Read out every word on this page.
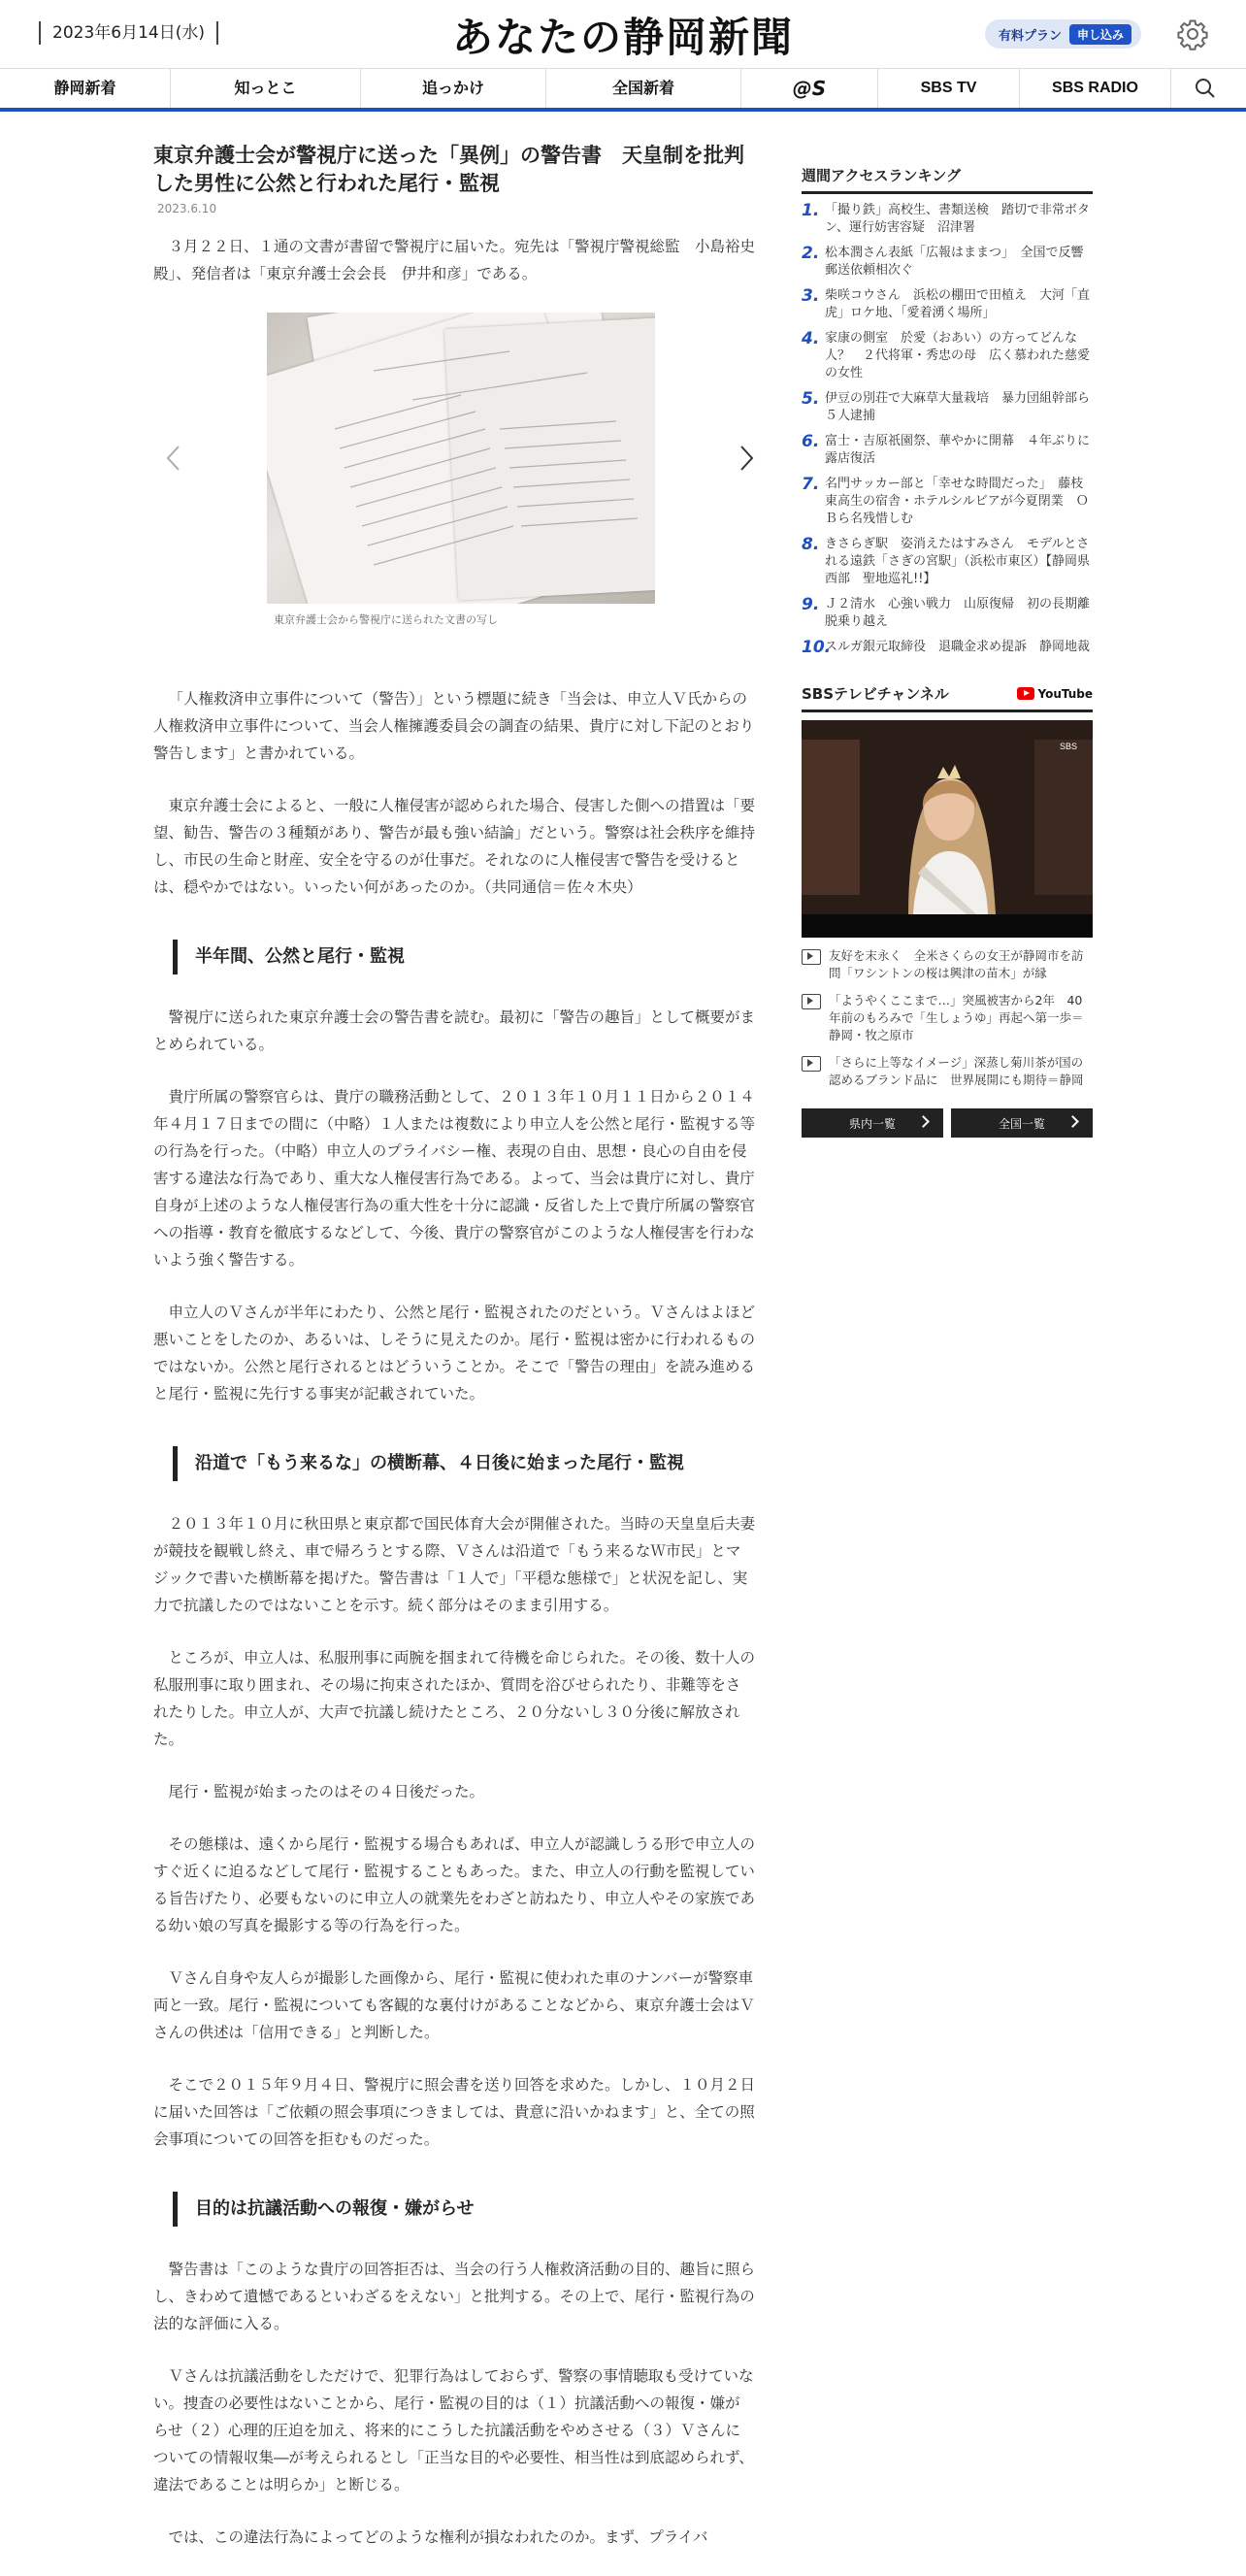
2023年6月14日(水)	あなたの静岡新聞	有料プラン	申し込み
静岡新着	知っとこ	追っかけ	全国新着	@S	SBS TV	SBS RADIO
東京弁護士会が警視庁に送った「異例」の警告書　天皇制を批判した男性に公然と行われた尾行・監視
2023.6.10

３月２２日、１通の文書が書留で警視庁に届いた。宛先は「警視庁警視総監　小島裕史殿」、発信者は「東京弁護士会会長　伊井和彦」である。

東京弁護士会から警視庁に送られた文書の写し

「人権救済申立事件について（警告）」という標題に続き「当会は、申立人Ｖ氏からの人権救済申立事件について、当会人権擁護委員会の調査の結果、貴庁に対し下記のとおり警告します」と書かれている。

東京弁護士会によると、一般に人権侵害が認められた場合、侵害した側への措置は「要望、勧告、警告の３種類があり、警告が最も強い結論」だという。警察は社会秩序を維持し、市民の生命と財産、安全を守るのが仕事だ。それなのに人権侵害で警告を受けるとは、穏やかではない。いったい何があったのか。（共同通信＝佐々木央）

半年間、公然と尾行・監視

警視庁に送られた東京弁護士会の警告書を読む。最初に「警告の趣旨」として概要がまとめられている。

貴庁所属の警察官らは、貴庁の職務活動として、２０１３年１０月１１日から２０１４年４月１７日までの間に（中略）１人または複数により申立人を公然と尾行・監視する等の行為を行った。（中略）申立人のプライバシー権、表現の自由、思想・良心の自由を侵害する違法な行為であり、重大な人権侵害行為である。よって、当会は貴庁に対し、貴庁自身が上述のような人権侵害行為の重大性を十分に認識・反省した上で貴庁所属の警察官への指導・教育を徹底するなどして、今後、貴庁の警察官がこのような人権侵害を行わないよう強く警告する。

申立人のＶさんが半年にわたり、公然と尾行・監視されたのだという。Ｖさんはよほど悪いことをしたのか、あるいは、しそうに見えたのか。尾行・監視は密かに行われるものではないか。公然と尾行されるとはどういうことか。そこで「警告の理由」を読み進めると尾行・監視に先行する事実が記載されていた。

沿道で「もう来るな」の横断幕、４日後に始まった尾行・監視

２０１３年１０月に秋田県と東京都で国民体育大会が開催された。当時の天皇皇后夫妻が競技を観戦し終え、車で帰ろうとする際、Ｖさんは沿道で「もう来るなＷ市民」とマジックで書いた横断幕を掲げた。警告書は「１人で」「平穏な態様で」と状況を記し、実力で抗議したのではないことを示す。続く部分はそのまま引用する。

ところが、申立人は、私服刑事に両腕を掴まれて待機を命じられた。その後、数十人の私服刑事に取り囲まれ、その場に拘束されたほか、質問を浴びせられたり、非難等をされたりした。申立人が、大声で抗議し続けたところ、２０分ないし３０分後に解放された。

尾行・監視が始まったのはその４日後だった。

その態様は、遠くから尾行・監視する場合もあれば、申立人が認識しうる形で申立人のすぐ近くに迫るなどして尾行・監視することもあった。また、申立人の行動を監視している旨告げたり、必要もないのに申立人の就業先をわざと訪ねたり、申立人やその家族である幼い娘の写真を撮影する等の行為を行った。

Ｖさん自身や友人らが撮影した画像から、尾行・監視に使われた車のナンバーが警察車両と一致。尾行・監視についても客観的な裏付けがあることなどから、東京弁護士会はＶさんの供述は「信用できる」と判断した。

そこで２０１５年９月４日、警視庁に照会書を送り回答を求めた。しかし、１０月２日に届いた回答は「ご依頼の照会事項につきましては、貴意に沿いかねます」と、全ての照会事項についての回答を拒むものだった。

目的は抗議活動への報復・嫌がらせ

警告書は「このような貴庁の回答拒否は、当会の行う人権救済活動の目的、趣旨に照らし、きわめて遺憾であるといわざるをえない」と批判する。その上で、尾行・監視行為の法的な評価に入る。

Ｖさんは抗議活動をしただけで、犯罪行為はしておらず、警察の事情聴取も受けていない。捜査の必要性はないことから、尾行・監視の目的は（１）抗議活動への報復・嫌がらせ（２）心理的圧迫を加え、将来的にこうした抗議活動をやめさせる（３）Ｖさんについての情報収集―が考えられるとし「正当な目的や必要性、相当性は到底認められず、違法であることは明らか」と断じる。

では、この違法行為によってどのような権利が損なわれたのか。まず、プライバ

週間アクセスランキング
1. 「撮り鉄」高校生、書類送検　踏切で非常ボタン、運行妨害容疑　沼津署
2. 松本潤さん表紙「広報はままつ」　全国で反響　郵送依頼相次ぐ
3. 柴咲コウさん　浜松の棚田で田植え　大河「直虎」ロケ地、「愛着湧く場所」
4. 家康の側室　於愛（おあい）の方ってどんな人？　２代将軍・秀忠の母　広く慕われた慈愛の女性
5. 伊豆の別荘で大麻草大量栽培　暴力団組幹部ら５人逮捕
6. 富士・吉原祇園祭、華やかに開幕　４年ぶりに露店復活
7. 名門サッカー部と「幸せな時間だった」　藤枝東高生の宿舎・ホテルシルビアが今夏閉業　ＯＢら名残惜しむ
8. きさらぎ駅　姿消えたはすみさん　モデルとされる遠鉄「さぎの宮駅」（浜松市東区）【静岡県西部　聖地巡礼!!】
9. Ｊ２清水　心強い戦力　山原復帰　初の長期離脱乗り越え
10.
スルガ銀元取締役　退職金求め提訴　静岡地裁
SBSテレビチャンネル	YouTube
SBS
友好を末永く　全米さくらの女王が静岡市を訪問「ワシントンの桜は興津の苗木」が縁
「ようやくここまで…」突風被害から2年　40年前のもろみで「生しょうゆ」再起へ第一歩＝静岡・牧之原市
「さらに上等なイメージ」深蒸し菊川茶が国の認めるブランド品に　世界展開にも期待＝静岡
県内一覧	全国一覧
